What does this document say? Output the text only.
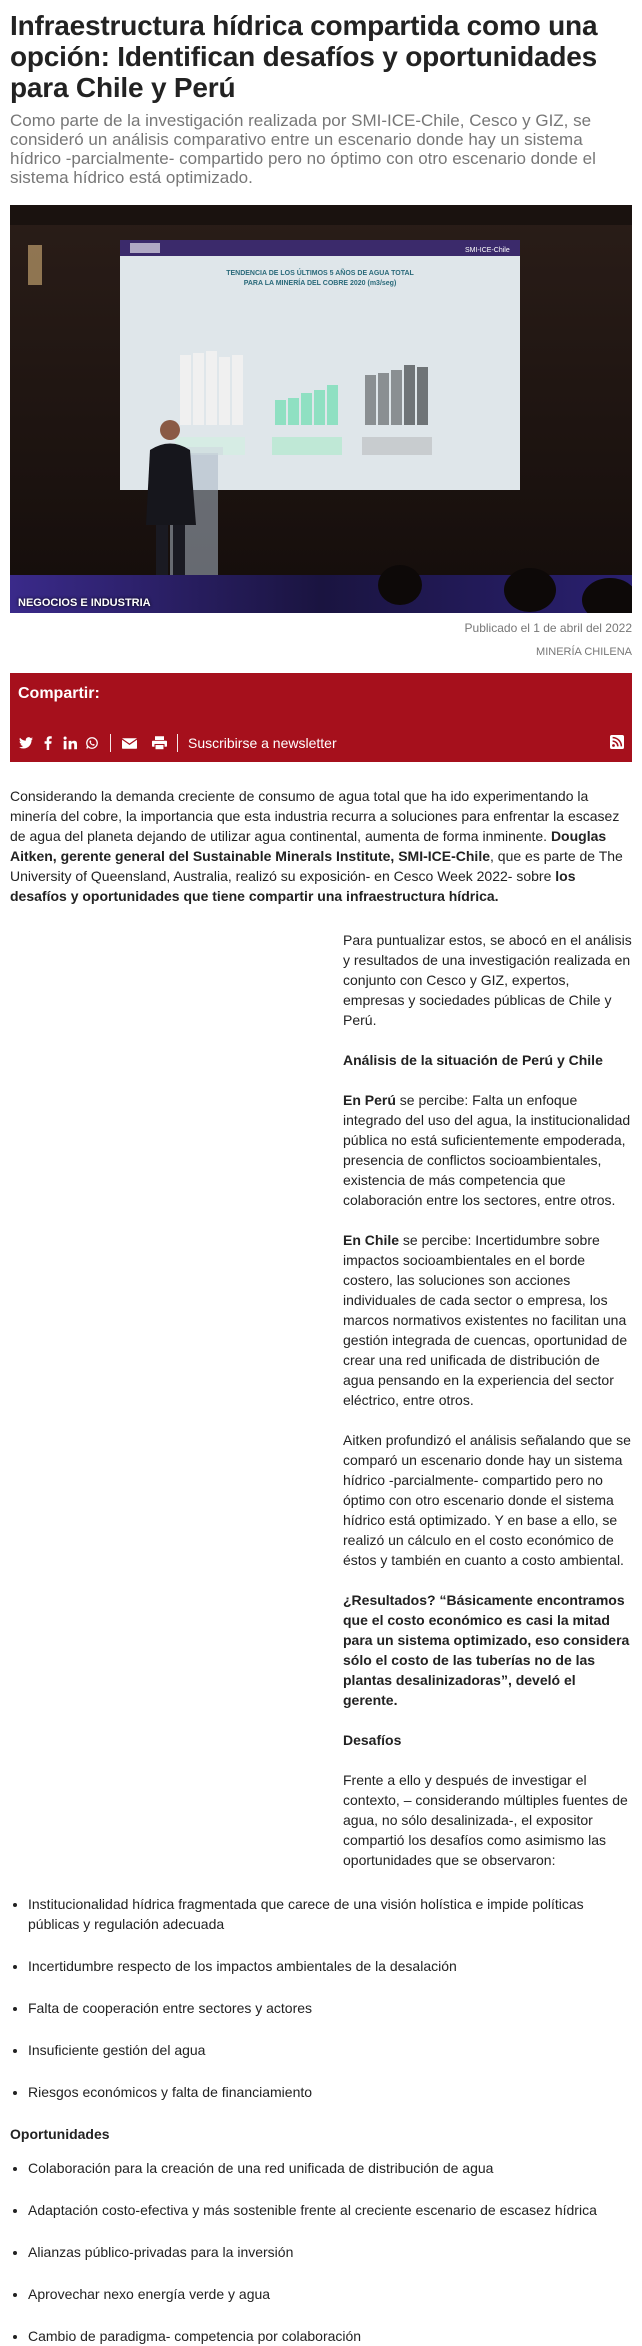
Infraestructura hídrica compartida como una opción: Identifican desafíos y oportunidades para Chile y Perú

Como parte de la investigación realizada por SMI-ICE-Chile, Cesco y GIZ, se consideró un análisis comparativo entre un escenario donde hay un sistema hídrico -parcialmente- compartido pero no óptimo con otro escenario donde el sistema hídrico está optimizado.

SMI-ICE-Chile
TENDENCIA DE LOS ÚLTIMOS 5 AÑOS DE AGUA TOTAL
PARA LA MINERÍA DEL COBRE 2020 (m3/seg)
NEGOCIOS E INDUSTRIA
Publicado el 1 de abril del 2022
MINERÍA CHILENA
Compartir:
Suscribirse a newsletter

Considerando la demanda creciente de consumo de agua total que ha ido experimentando la minería del cobre, la importancia que esta industria recurra a soluciones para enfrentar la escasez de agua del planeta dejando de utilizar agua continental, aumenta de forma inminente. Douglas Aitken, gerente general del Sustainable Minerals Institute, SMI-ICE-Chile, que es parte de The University of Queensland, Australia, realizó su exposición- en Cesco Week 2022- sobre los desafíos y oportunidades que tiene compartir una infraestructura hídrica.

Para puntualizar estos, se abocó en el análisis y resultados de una investigación realizada en conjunto con Cesco y GIZ, expertos, empresas y sociedades públicas de Chile y Perú.

Análisis de la situación de Perú y Chile

En Perú se percibe: Falta un enfoque integrado del uso del agua, la institucionalidad pública no está suficientemente empoderada, presencia de conflictos socioambientales, existencia de más competencia que colaboración entre los sectores, entre otros.

En Chile se percibe: Incertidumbre sobre impactos socioambientales en el borde costero, las soluciones son acciones individuales de cada sector o empresa, los marcos normativos existentes no facilitan una gestión integrada de cuencas, oportunidad de crear una red unificada de distribución de agua pensando en la experiencia del sector eléctrico, entre otros.

Aitken profundizó el análisis señalando que se comparó un escenario donde hay un sistema hídrico -parcialmente- compartido pero no óptimo con otro escenario donde el sistema hídrico está optimizado. Y en base a ello, se realizó un cálculo en el costo económico de éstos y también en cuanto a costo ambiental.

¿Resultados? “Básicamente encontramos que el costo económico es casi la mitad para un sistema optimizado, eso considera sólo el costo de las tuberías no de las plantas desalinizadoras”, develó el gerente.

Desafíos

Frente a ello y después de investigar el contexto, – considerando múltiples fuentes de agua, no sólo desalinizada-, el expositor compartió los desafíos como asimismo las oportunidades que se observaron:

• Institucionalidad hídrica fragmentada que carece de una visión holística e impide políticas públicas y regulación adecuada
• Incertidumbre respecto de los impactos ambientales de la desalación
• Falta de cooperación entre sectores y actores
• Insuficiente gestión del agua
• Riesgos económicos y falta de financiamiento
Oportunidades
• Colaboración para la creación de una red unificada de distribución de agua
• Adaptación costo-efectiva y más sostenible frente al creciente escenario de escasez hídrica
• Alianzas público-privadas para la inversión
• Aprovechar nexo energía verde y agua
• Cambio de paradigma- competencia por colaboración
